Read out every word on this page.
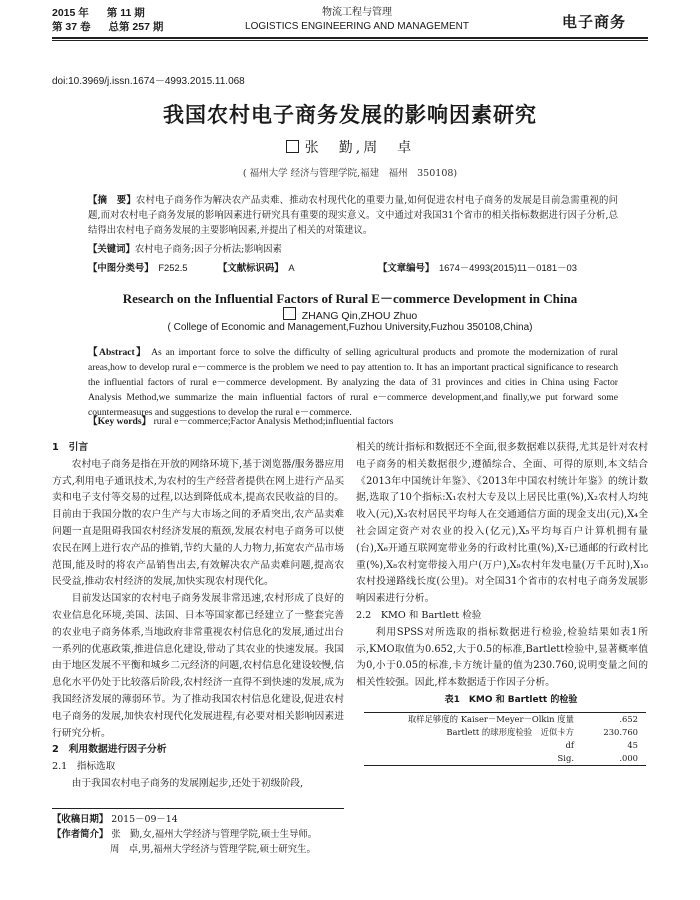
2015 年 第 11 期
第 37 卷 总第 257 期
物流工程与管理
LOGISTICS ENGINEERING AND MANAGEMENT	电子商务
doi:10.3969/j.issn.1674－4993.2015.11.068
我国农村电子商务发展的影响因素研究
张　勤,周　卓
( 福州大学 经济与管理学院,福建　福州　350108)
【摘　要】农村电子商务作为解决农产品卖难、推动农村现代化的重要力量,如何促进农村电子商务的发展是目前急需重视的问题,而对农村电子商务发展的影响因素进行研究具有重要的现实意义。文中通过对我国31个省市的相关指标数据进行因子分析,总结得出农村电子商务发展的主要影响因素,并提出了相关的对策建议。
【关键词】农村电子商务;因子分析法;影响因素
【中图分类号】　 F252.5	【文献标识码】　 A	【文章编号】　 1674－4993(2015)11－0181－03
Research on the Influential Factors of Rural E－commerce Development in China
ZHANG Qin,ZHOU Zhuo
( College of Economic and Management,Fuzhou University,Fuzhou 350108,China)
【Abstract】 As an important force to solve the difficulty of selling agricultural products and promote the modernization of rural areas,how to develop rural e－commerce is the problem we need to pay attention to. It has an important practical significance to research the influential factors of rural e－commerce development. By analyzing the data of 31 provinces and cities in China using Factor Analysis Method,we summarize the main influential factors of rural e－commerce development,and finally,we put forward some countermeasures and suggestions to develop the rural e－commerce.
【Key words】 rural e－commerce;Factor Analysis Method;influential factors

1　引言

农村电子商务是指在开放的网络环境下,基于浏览器/服务器应用方式,利用电子通讯技术,为农村的生产经营者提供在网上进行产品买卖和电子支付等交易的过程,以达到降低成本,提高农民收益的目的。目前由于我国分散的农户生产与大市场之间的矛盾突出,农产品卖难问题一直是阻碍我国农村经济发展的瓶颈,发展农村电子商务可以使农民在网上进行农产品的推销,节约大量的人力物力,拓宽农产品市场范围,能及时的将农产品销售出去,有效解决农产品卖难问题,提高农民受益,推动农村经济的发展,加快实现农村现代化。

目前发达国家的农村电子商务发展非常迅速,农村形成了良好的农业信息化环境,美国、法国、日本等国家都已经建立了一整套完善的农业电子商务体系,当地政府非常重视农村信息化的发展,通过出台一系列的优惠政策,推进信息化建设,带动了其农业的快速发展。我国由于地区发展不平衡和城乡二元经济的问题,农村信息化建设较慢,信息化水平仍处于比较落后阶段,农村经济一直得不到快速的发展,成为我国经济发展的薄弱环节。为了推动我国农村信息化建设,促进农村电子商务的发展,加快农村现代化发展进程,有必要对相关影响因素进行研究分析。

2　利用数据进行因子分析

2.1　指标选取

由于我国农村电子商务的发展刚起步,还处于初级阶段,

相关的统计指标和数据还不全面,很多数据难以获得,尤其是针对农村电子商务的相关数据很少,遵循综合、全面、可得的原则,本文结合《2013年中国统计年鉴》、《2013年中国农村统计年鉴》的统计数据,选取了10个指标:X₁农村大专及以上居民比重(%),X₂农村人均纯收入(元),X₃农村居民平均每人在交通通信方面的现金支出(元),X₄全社会固定资产对农业的投入(亿元),X₅平均每百户计算机拥有量(台),X₆开通互联网宽带业务的行政村比重(%),X₇已通邮的行政村比重(%),X₈农村宽带接入用户(万户),X₉农村年发电量(万千瓦时),X₁₀农村投递路线长度(公里)。对全国31个省市的农村电子商务发展影响因素进行分析。

2.2　KMO 和 Bartlett 检验

利用SPSS对所选取的指标数据进行检验,检验结果如表1所示,KMO取值为0.652,大于0.5的标准,Bartlett检验中,显著概率值为0,小于0.05的标准,卡方统计量的值为230.760,说明变量之间的相关性较强。因此,样本数据适于作因子分析。

表1　KMO 和 Bartlett 的检验

取样足够度的 Kaiser－Meyer－Olkin 度量	.652
Bartlett 的球形度检验　近似卡方	230.760
df	45
Sig.	.000
【收稿日期】 2015－09－14
【作者简介】 张　勤,女,福州大学经济与管理学院,硕士生导师。
周　卓,男,福州大学经济与管理学院,硕士研究生。
